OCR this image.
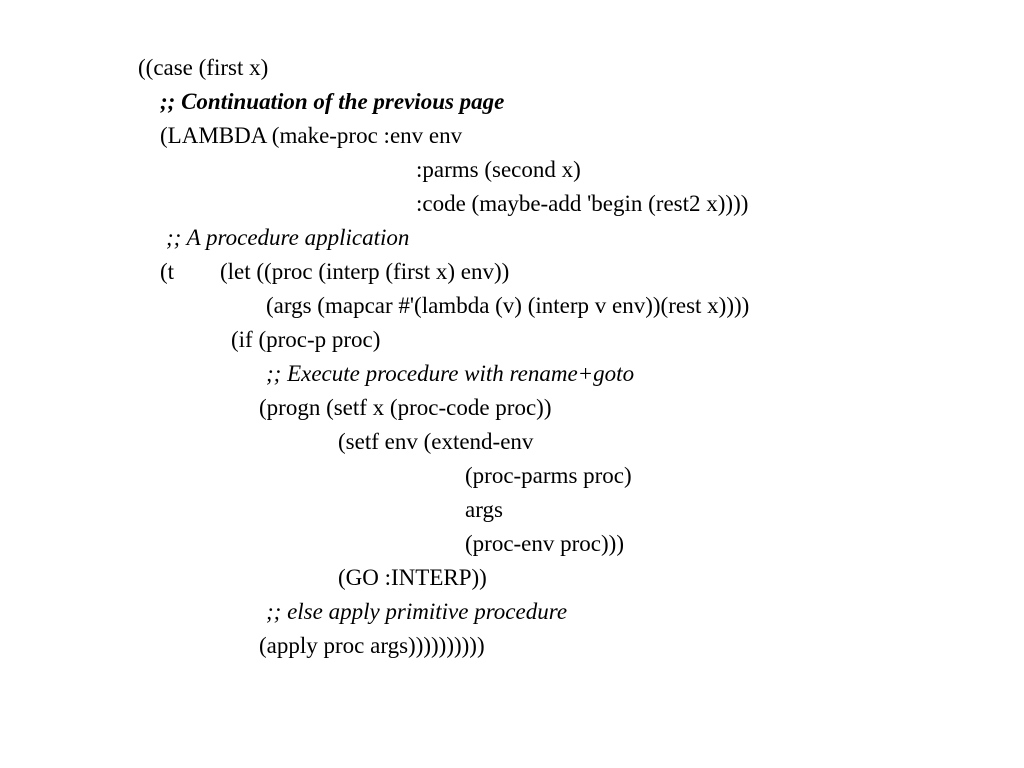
((case (first x)
;; Continuation of the previous page
(LAMBDA (make-proc :env env
:parms (second x)
:code (maybe-add 'begin (rest2 x))))
;; A procedure application
(t (let ((proc (interp (first x) env))
(args (mapcar #'(lambda (v) (interp v env))(rest x))))
(if (proc-p proc)
;; Execute procedure with rename+goto
(progn (setf x (proc-code proc))
(setf env (extend-env
(proc-parms proc)
args
(proc-env proc)))
(GO :INTERP))
;; else apply primitive procedure
(apply proc args))))))))))
